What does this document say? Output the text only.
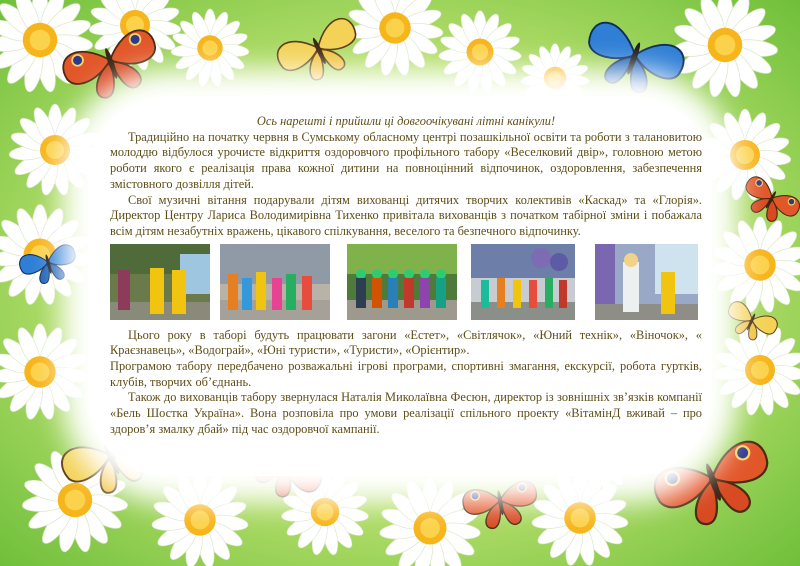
Ось нарешті і прийшли ці довгоочікувані літні канікули!

Традиційно на початку червня в Сумському обласному центрі позашкільної освіти та роботи з талановитою молоддю відбулося урочисте відкриття оздоровчого профільного табору «Веселковий двір», головною метою роботи якого є реалізація права кожної дитини на повноцінний відпочинок, оздоровлення, забезпечення змістовного дозвілля дітей.

Свої музичні вітання подарували дітям вихованці дитячих творчих колективів «Каскад» та «Глорія». Директор Центру Лариса Володимирівна Тихенко привітала вихованців з початком табірної зміни і побажала всім дітям незабутніх вражень, цікавого спілкування, веселого та безпечного відпочинку.

Цього року в таборі будуть працювати загони «Естет», «Світлячок», «Юний технік», «Віночок», « Краєзнавець», «Водограй», «Юні туристи», «Туристи», «Орієнтир».

Програмою табору передбачено розважальні ігрові програми, спортивні змагання, екскурсії, робота гуртків, клубів, творчих об’єднань.

Також до вихованців табору звернулася Наталія Миколаївна Фесюн, директор із зовнішніх зв’язків компанії «Бель Шостка Україна». Вона розповіла про умови реалізації спільного проекту «ВітамінД вживай – про здоров’я змалку дбай» під час оздоровчої кампанії.
